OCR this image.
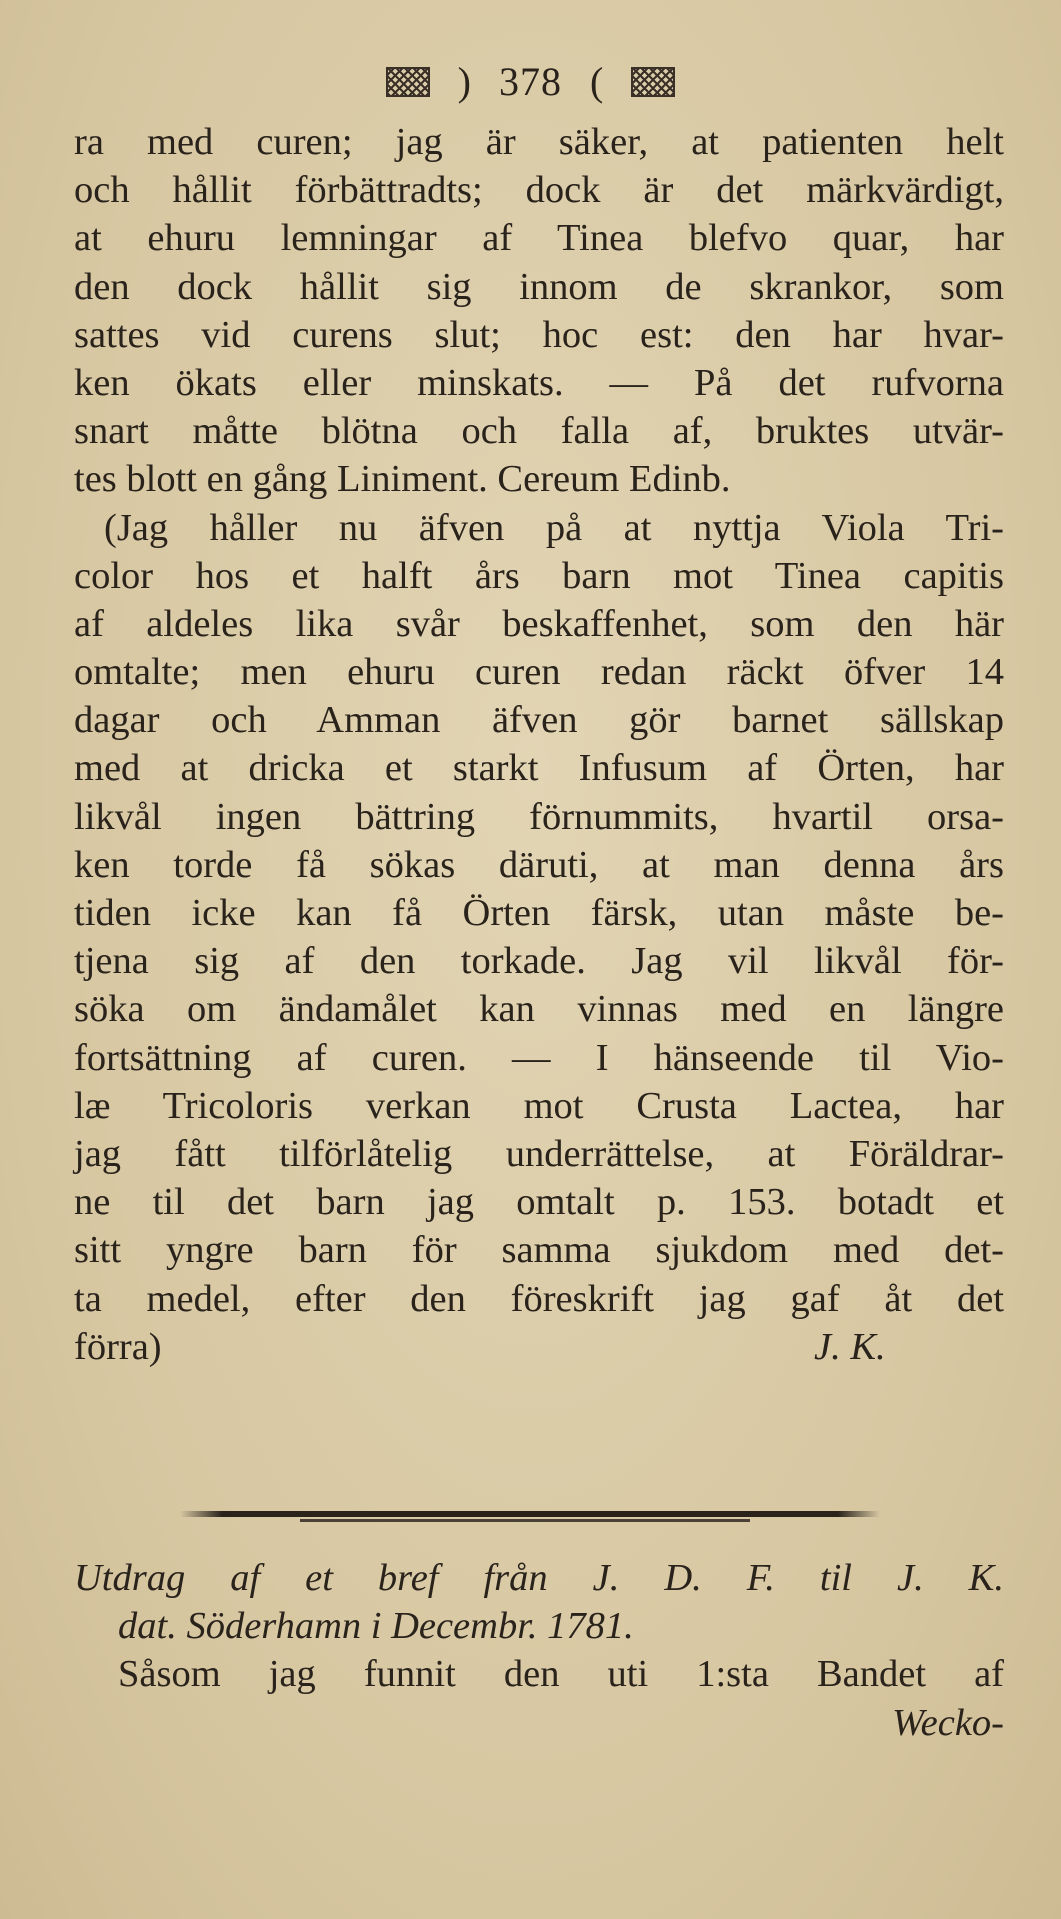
) 378 (
ra med curen; jag är säker, at patienten helt
och hållit förbättradts; dock är det märkvärdigt,
at ehuru lemningar af Tinea blefvo quar, har
den dock hållit sig innom de skrankor, som
sattes vid curens slut; hoc est: den har hvar-
ken ökats eller minskats. — På det rufvorna
snart måtte blötna och falla af, bruktes utvär-
tes blott en gång Liniment. Cereum Edinb.
(Jag håller nu äfven på at nyttja Viola Tri-
color hos et halft års barn mot Tinea capitis
af aldeles lika svår beskaffenhet, som den här
omtalte; men ehuru curen redan räckt öfver 14
dagar och Amman äfven gör barnet sällskap
med at dricka et starkt Infusum af Örten, har
likvål ingen bättring förnummits, hvartil orsa-
ken torde få sökas däruti, at man denna års
tiden icke kan få Örten färsk, utan måste be-
tjena sig af den torkade. Jag vil likvål för-
söka om ändamålet kan vinnas med en längre
fortsättning af curen. — I hänseende til Vio-
læ Tricoloris verkan mot Crusta Lactea, har
jag fått tilförlåtelig underrättelse, at Föräldrar-
ne til det barn jag omtalt p. 153. botadt et
sitt yngre barn för samma sjukdom med det-
ta medel, efter den föreskrift jag gaf åt det
förra)	J. K.
Utdrag af et bref från J. D. F. til J. K.
dat. Söderhamn i Decembr. 1781.
Såsom jag funnit den uti 1:sta Bandet af
Wecko-
